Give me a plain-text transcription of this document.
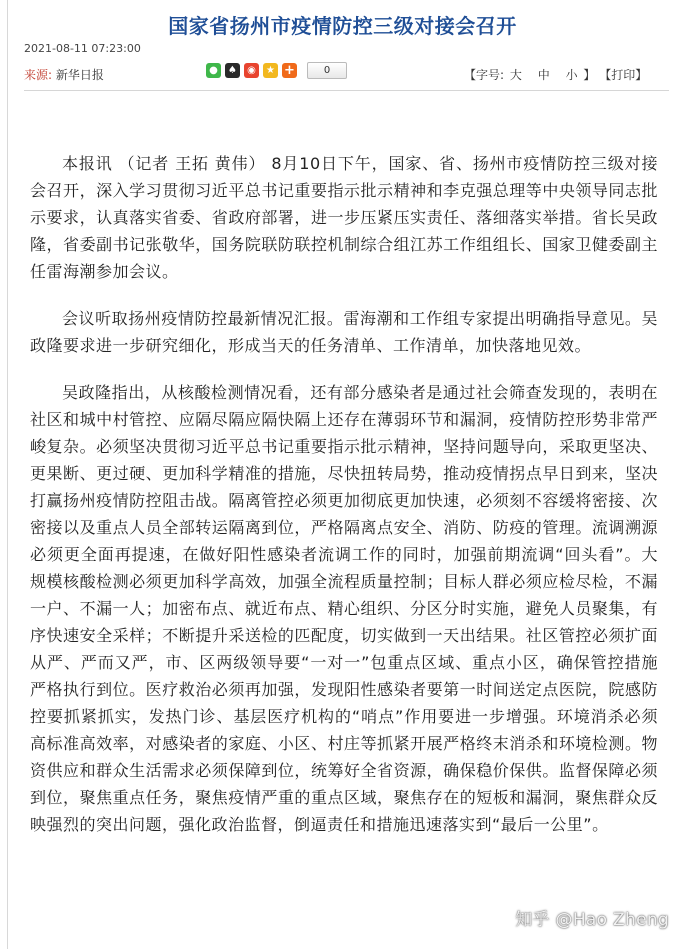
国家省扬州市疫情防控三级对接会召开
2021-08-11 07:23:00
来源: 新华日报	●	♠	◉	★ +	0	【字号: 大 中 小 】 【打印】

本报讯 （记者 王拓 黄伟） 8月10日下午，国家、省、扬州市疫情防控三级对接会召开，深入学习贯彻习近平总书记重要指示批示精神和李克强总理等中央领导同志批示要求，认真落实省委、省政府部署，进一步压紧压实责任、落细落实举措。省长吴政隆，省委副书记张敬华，国务院联防联控机制综合组江苏工作组组长、国家卫健委副主任雷海潮参加会议。

会议听取扬州疫情防控最新情况汇报。雷海潮和工作组专家提出明确指导意见。吴政隆要求进一步研究细化，形成当天的任务清单、工作清单，加快落地见效。

吴政隆指出，从核酸检测情况看，还有部分感染者是通过社会筛查发现的，表明在社区和城中村管控、应隔尽隔应隔快隔上还存在薄弱环节和漏洞，疫情防控形势非常严峻复杂。必须坚决贯彻习近平总书记重要指示批示精神，坚持问题导向，采取更坚决、更果断、更过硬、更加科学精准的措施，尽快扭转局势，推动疫情拐点早日到来，坚决打赢扬州疫情防控阻击战。隔离管控必须更加彻底更加快速，必须刻不容缓将密接、次密接以及重点人员全部转运隔离到位，严格隔离点安全、消防、防疫的管理。流调溯源必须更全面再提速，在做好阳性感染者流调工作的同时，加强前期流调“回头看”。大规模核酸检测必须更加科学高效，加强全流程质量控制；目标人群必须应检尽检，不漏一户、不漏一人；加密布点、就近布点、精心组织、分区分时实施，避免人员聚集，有序快速安全采样；不断提升采送检的匹配度，切实做到一天出结果。社区管控必须扩面从严、严而又严，市、区两级领导要“一对一”包重点区域、重点小区，确保管控措施严格执行到位。医疗救治必须再加强，发现阳性感染者要第一时间送定点医院，院感防控要抓紧抓实，发热门诊、基层医疗机构的“哨点”作用要进一步增强。环境消杀必须高标准高效率，对感染者的家庭、小区、村庄等抓紧开展严格终末消杀和环境检测。物资供应和群众生活需求必须保障到位，统筹好全省资源，确保稳价保供。监督保障必须到位，聚焦重点任务，聚焦疫情严重的重点区域，聚焦存在的短板和漏洞，聚焦群众反映强烈的突出问题，强化政治监督，倒逼责任和措施迅速落实到“最后一公里”。

知乎 @Hao Zheng
